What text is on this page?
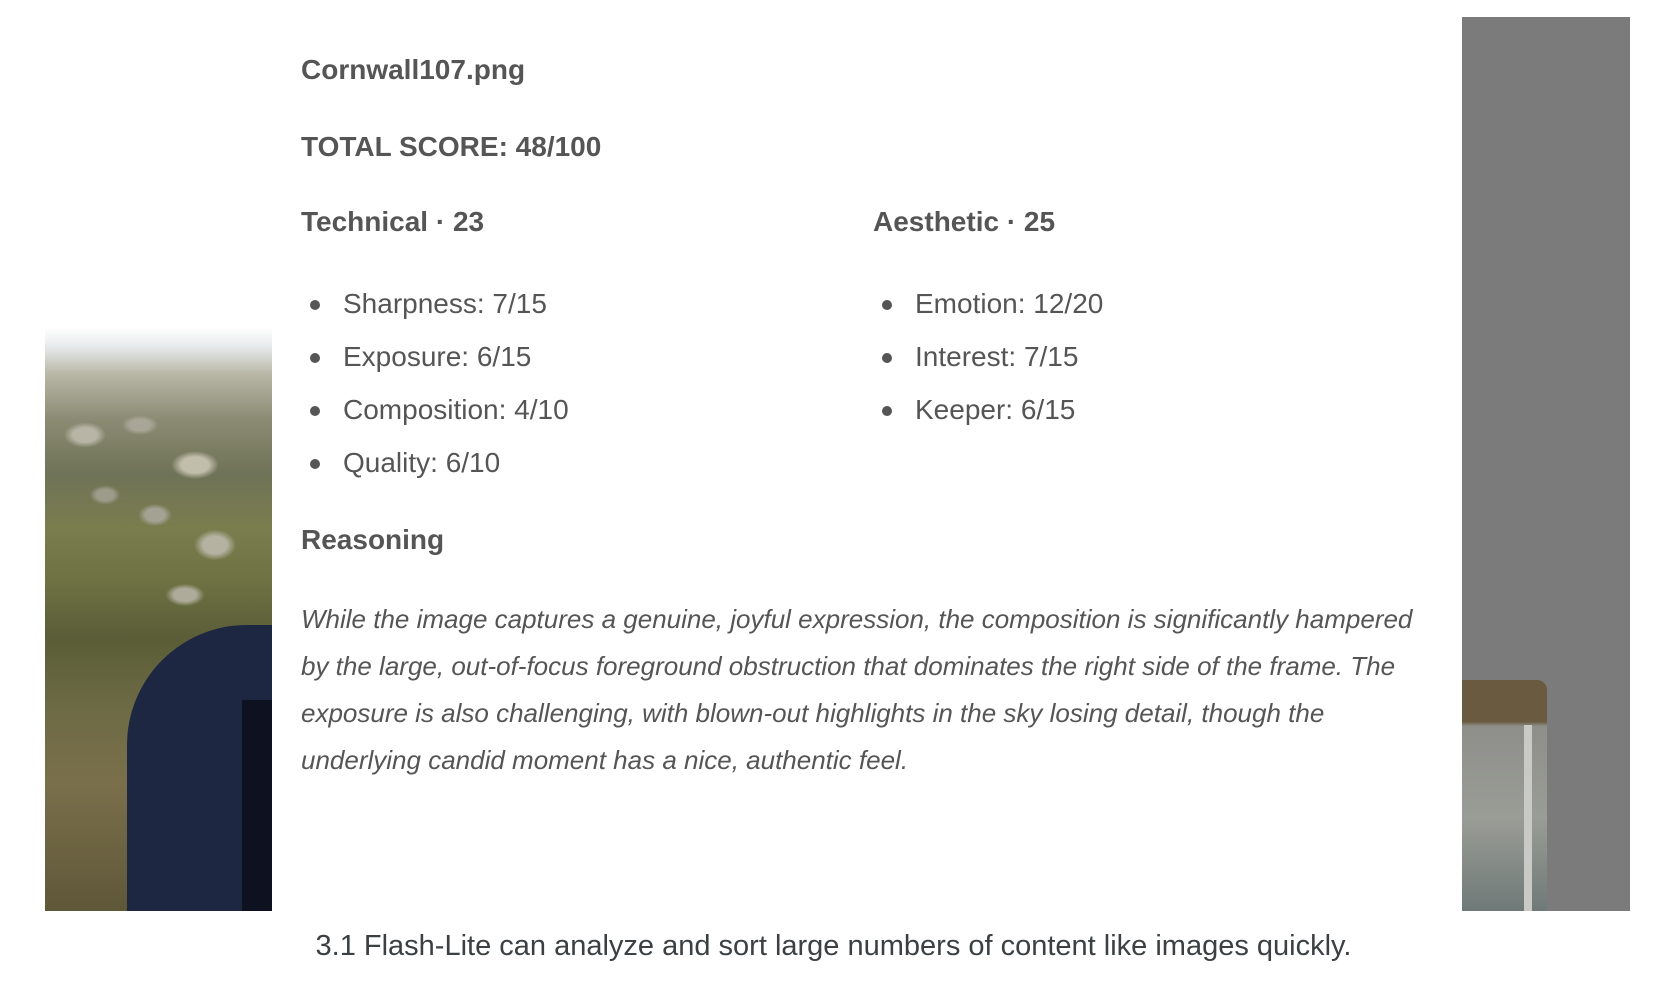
Cornwall107.png

TOTAL SCORE: 48/100

Technical · 23
Sharpness: 7/15
Exposure: 6/15
Composition: 4/10
Quality: 6/10
Aesthetic · 25
Emotion: 12/20
Interest: 7/15
Keeper: 6/15
Reasoning

While the image captures a genuine, joyful expression, the composition is significantly hampered by the large, out-of-focus foreground obstruction that dominates the right side of the frame. The exposure is also challenging, with blown-out highlights in the sky losing detail, though the underlying candid moment has a nice, authentic feel.

3.1 Flash-Lite can analyze and sort large numbers of content like images quickly.
